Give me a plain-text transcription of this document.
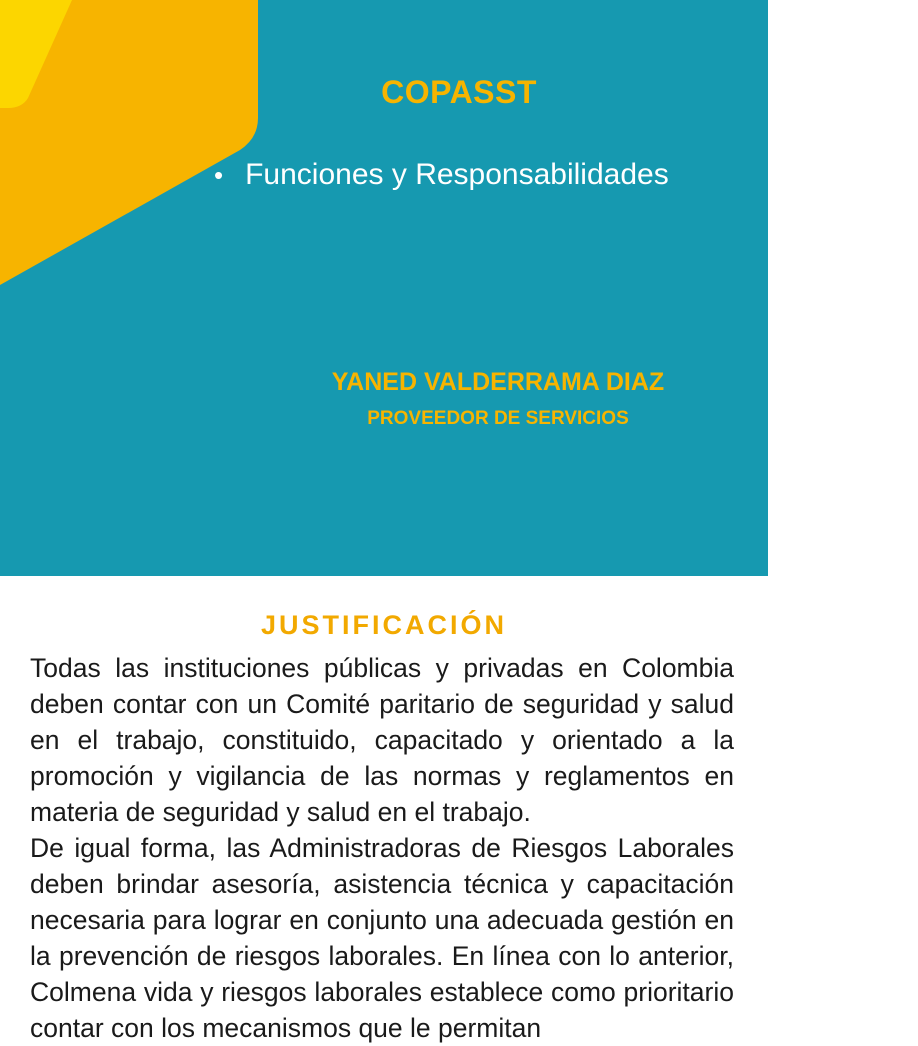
COPASST
• Funciones y Responsabilidades
YANED VALDERRAMA DIAZ
PROVEEDOR DE SERVICIOS
JUSTIFICACIÓN

Todas las instituciones públicas y privadas en Colombia deben contar con un Comité paritario de seguridad y salud en el trabajo, constituido, capacitado y orientado a la promoción y vigilancia de las normas y reglamentos en materia de seguridad y salud en el trabajo.

De igual forma, las Administradoras de Riesgos Laborales deben brindar asesoría, asistencia técnica y capacitación necesaria para lograr en conjunto una adecuada gestión en la prevención de riesgos laborales. En línea con lo anterior, Colmena vida y riesgos laborales establece como prioritario contar con los mecanismos que le permitan
